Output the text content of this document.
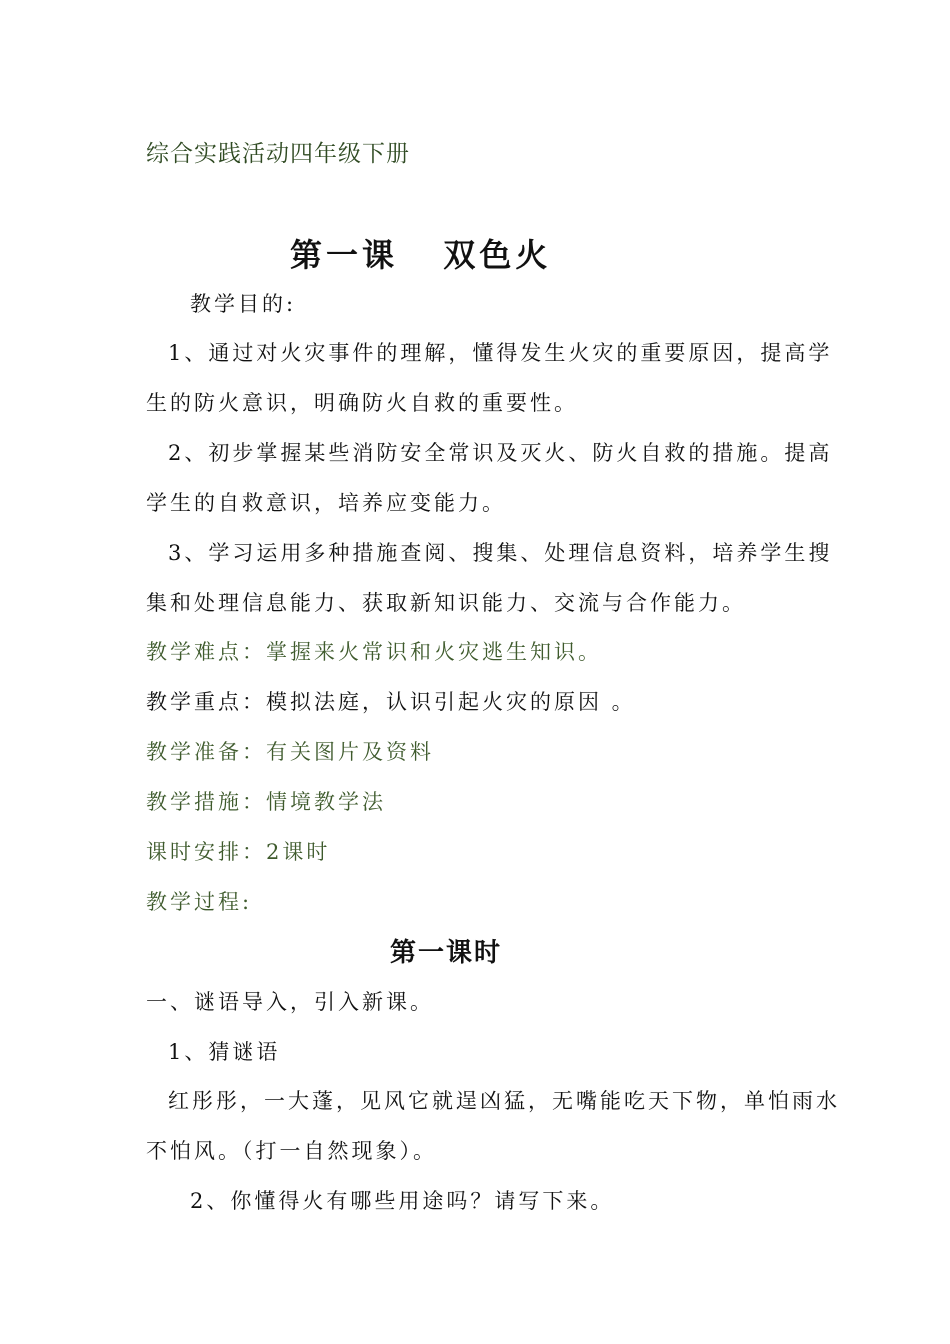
综合实践活动四年级下册
第一课   双色火
教学目的:
1、通过对火灾事件的理解，懂得发生火灾的重要原因，提高学
生的防火意识，明确防火自救的重要性。
2、初步掌握某些消防安全常识及灭火、防火自救的措施。提高
学生的自救意识，培养应变能力。
3、学习运用多种措施查阅、搜集、处理信息资料，培养学生搜
集和处理信息能力、获取新知识能力、交流与合作能力。
教学难点：掌握来火常识和火灾逃生知识。
教学重点：模拟法庭，认识引起火灾的原因 。
教学准备：有关图片及资料
教学措施：情境教学法
课时安排：2课时
教学过程:
第一课时
一、谜语导入，引入新课。
1、猜谜语
红彤彤，一大蓬，见风它就逞凶猛，无嘴能吃天下物，单怕雨水
不怕风。（打一自然现象）。
2、你懂得火有哪些用途吗？请写下来。
